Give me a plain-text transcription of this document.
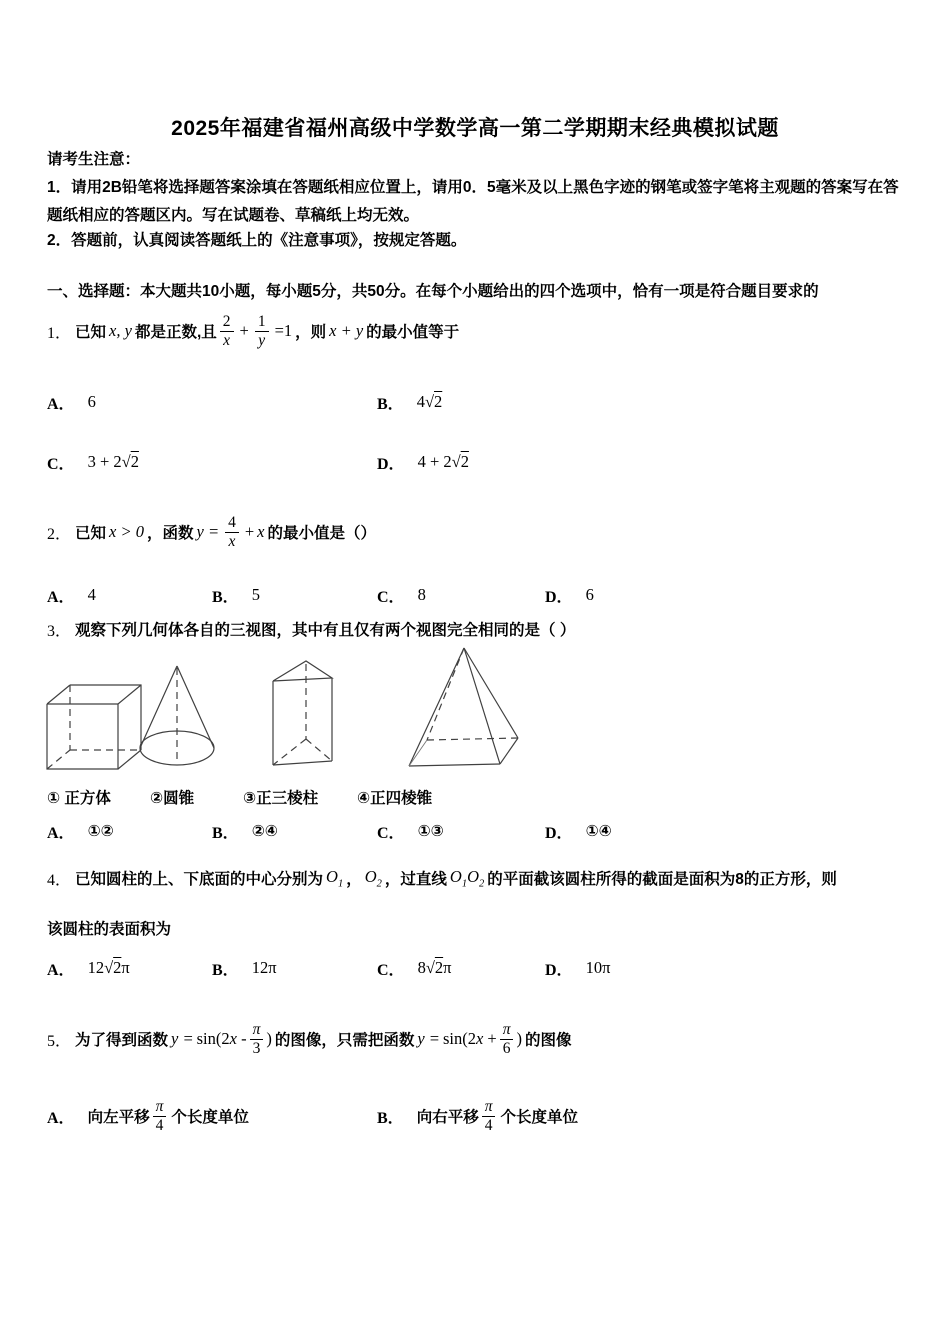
2025年福建省福州高级中学数学高一第二学期期末经典模拟试题
请考生注意：
1．请用2B铅笔将选择题答案涂填在答题纸相应位置上，请用0．5毫米及以上黑色字迹的钢笔或签字笔将主观题的答案写在答题纸相应的答题区内。写在试题卷、草稿纸上均无效。
2．答题前，认真阅读答题纸上的《注意事项》，按规定答题。
一、选择题：本大题共10小题，每小题5分，共50分。在每个小题给出的四个选项中，恰有一项是符合题目要求的
1． 已知 x, y 都是正数,且 $\frac{2}{x} + \frac{1}{y} =1$ ，则 x + y 的最小值等于
A． 6	B． 4√2
C． 3 + 2√2	D． 4 + 2√2
2． 已知 x > 0 ，函数 $y = \frac{4}{x} + x$ 的最小值是（）
A． 4	B． 5	C． 8	D． 6
3． 观察下列几何体各自的三视图，其中有且仅有两个视图完全相同的是（ ）
① 正方体	②圆锥	③正三棱柱	④正四棱锥
A． ①②	B． ②④	C． ①③	D． ①④
4． 已知圆柱的上、下底面的中心分别为 $O_1$ ， $O_2$ ，过直线 $O_1O_2$ 的平面截该圆柱所得的截面是面积为8的正方形，则
该圆柱的表面积为
A． 12√2π	B． 12π	C． 8√2π	D． 10π
5． 为了得到函数 $y = \sin(2x - \frac{\pi}{3}$ ) 的图像，只需把函数 $y = \sin(2x + \frac{\pi}{6}$ ) 的图像
A． 向左平移 $\frac{\pi}{4}$ 个长度单位	B． 向右平移 $\frac{\pi}{4}$ 个长度单位
